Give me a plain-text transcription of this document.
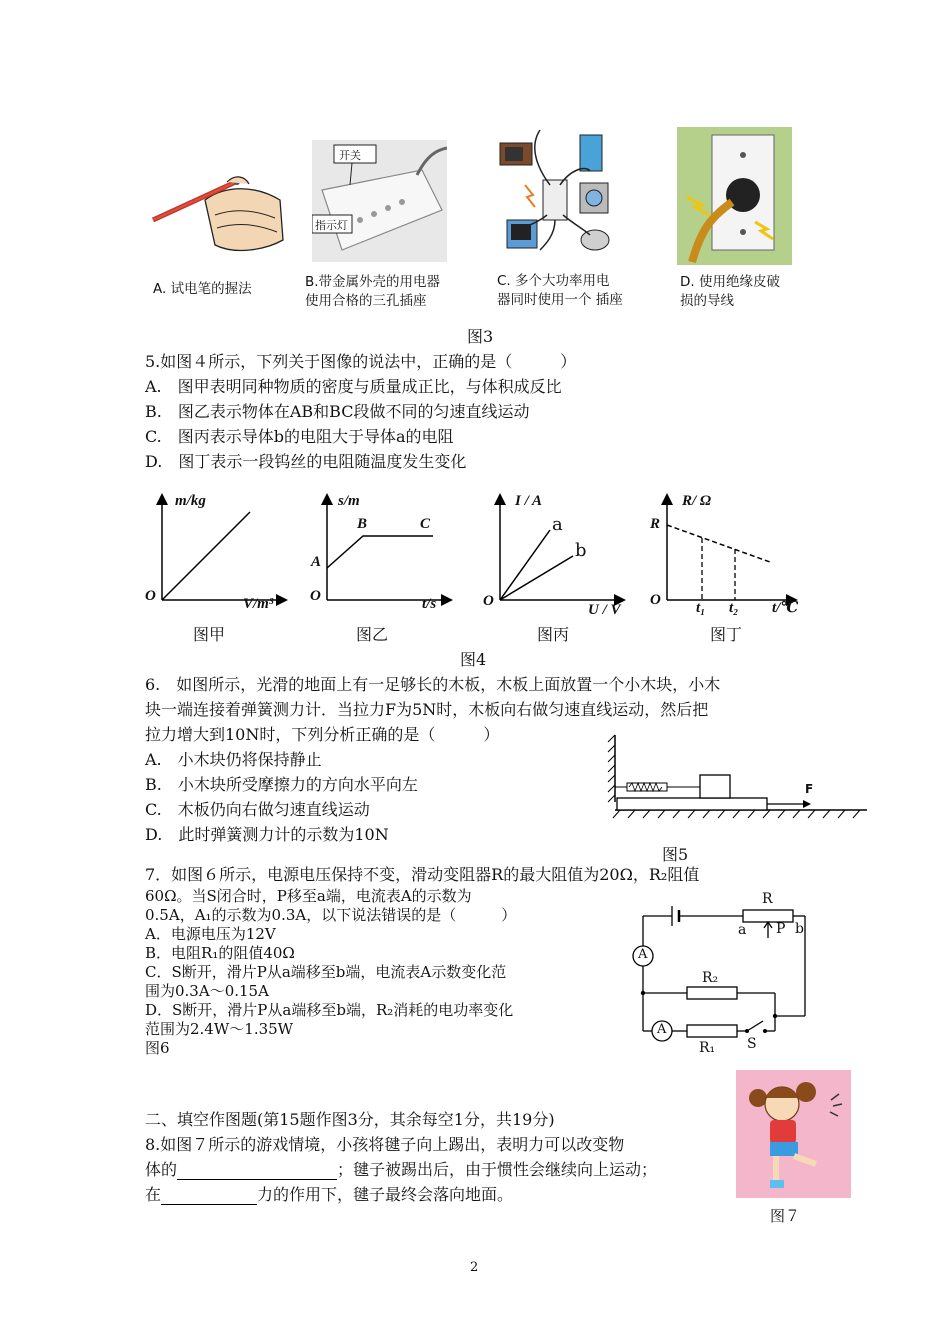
开关
指示灯
A. 试电笔的握法	B.带金属外壳的用电器
使用合格的三孔插座
C. 多个大功率用电
器同时使用一个 插座
D. 使用绝缘皮破
损的导线
图3
5.如图４所示，下列关于图像的说法中，正确的是（　　　）
A.　图甲表明同种物质的密度与质量成正比，与体积成反比
B.　图乙表示物体在AB和BC段做不同的匀速直线运动
C.　图丙表示导体b的电阻大于导体a的电阻
D.　图丁表示一段钨丝的电阻随温度发生变化
m/kg
V/m³
O
s/m
t/s
O
A
B	C
I / A
U / V
O
a
b
R/ Ω
t/℃
O
R
t₁ t₂
图甲	图乙	图丙	图丁
图4
6.　如图所示，光滑的地面上有一足够长的木板，木板上面放置一个小木块，小木
块一端连接着弹簧测力计．当拉力F为5N时，木板向右做匀速直线运动，然后把
拉力增大到10N时，下列分析正确的是（　　　）
A.　小木块仍将保持静止
B.　小木块所受摩擦力的方向水平向左
C.　木板仍向右做匀速直线运动
D.　此时弹簧测力计的示数为10N
F
图5
7．如图６所示，电源电压保持不变，滑动变阻器R的最大阻值为20Ω，R₂阻值
60Ω。当S闭合时，P移至a端，电流表A的示数为
0.5A，A₁的示数为0.3A，以下说法错误的是（　　　）
A．电源电压为12V
B．电阻R₁的阻值40Ω
C．S断开，滑片P从a端移至b端，电流表A示数变化范
围为0.3A～0.15A
D．S断开，滑片P从a端移至b端，R₂消耗的电功率变化
范围为2.4W～1.35W
图6
R
a P b
A
R₂
A
R₁ S
二、填空作图题(第15题作图3分，其余每空1分，共19分)
8.如图７所示的游戏情境，小孩将毽子向上踢出，表明力可以改变物
体的	；毽子被踢出后，由于惯性会继续向上运动；
在	力的作用下，毽子最终会落向地面。
图７
2
